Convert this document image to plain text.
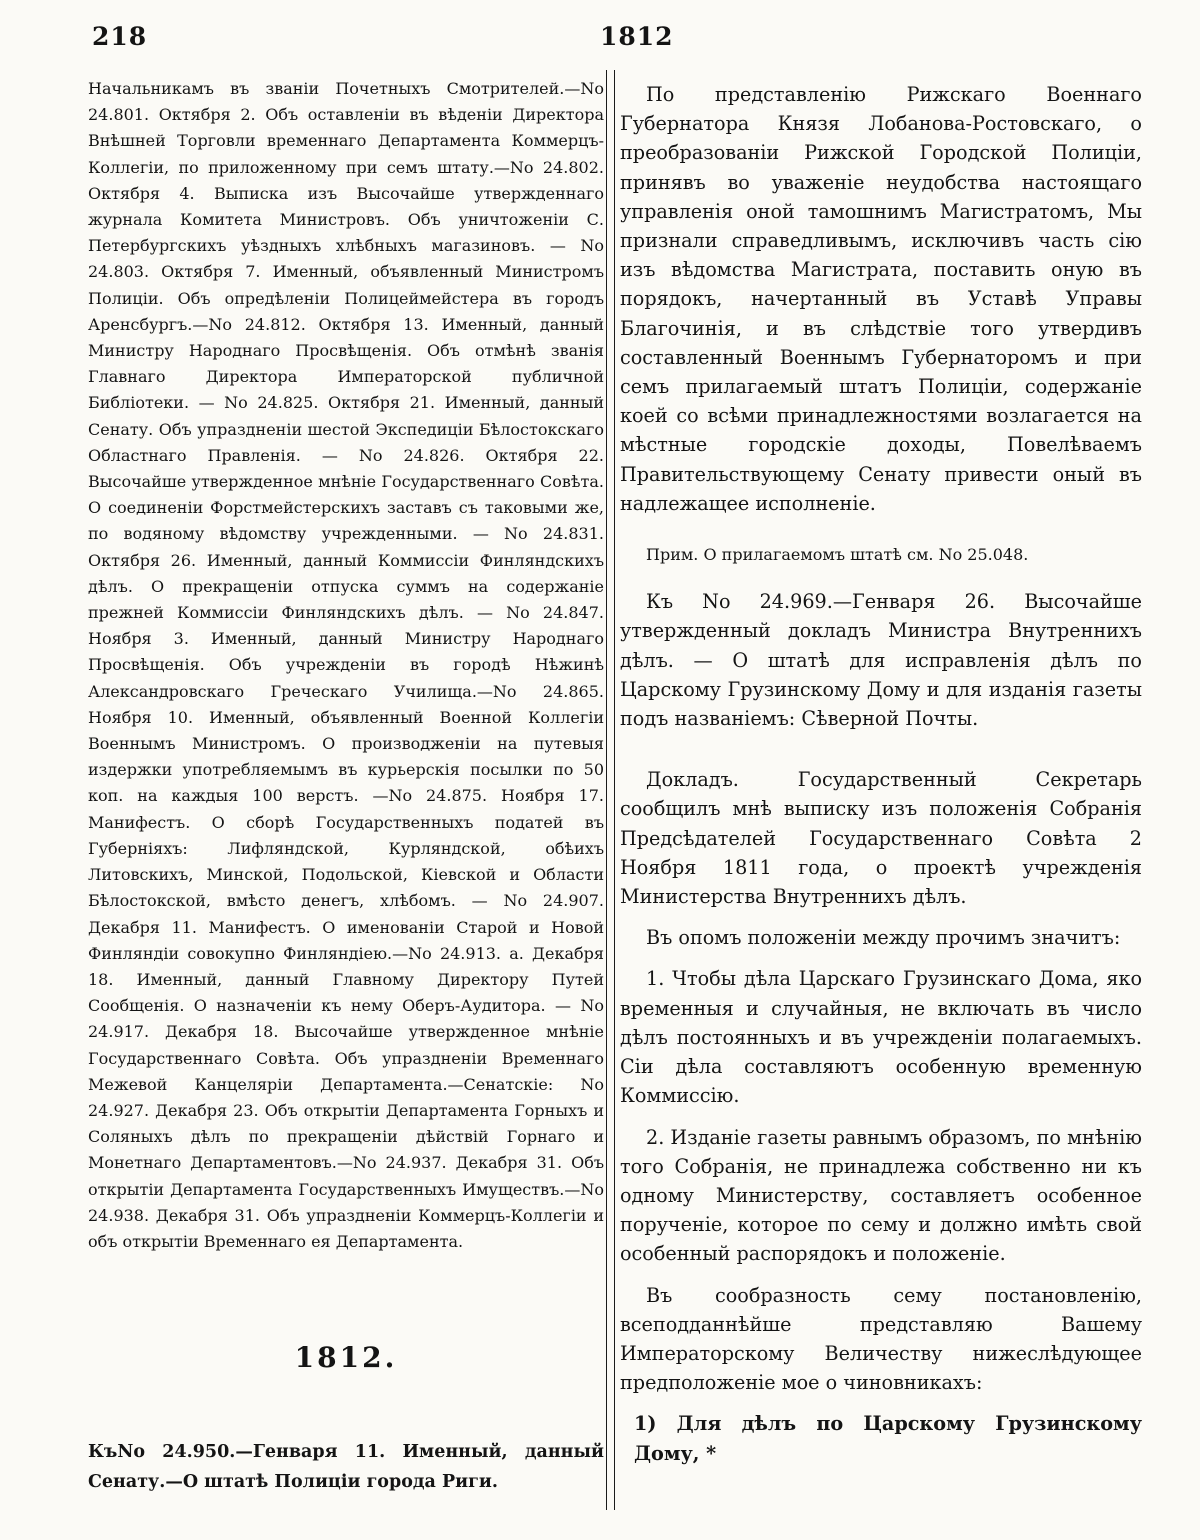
218	1812

Начальникамъ въ званіи Почетныхъ Смотрителей.—No 24.801. Октября 2. Объ оставленіи въ вѣденіи Директора Внѣшней Торговли временнаго Департамента Коммерцъ-Коллегіи, по приложенному при семъ штату.—No 24.802. Октября 4. Выписка изъ Высочайше утвержденнаго журнала Комитета Министровъ. Объ уничтоженіи С. Петербургскихъ уѣздныхъ хлѣбныхъ магазиновъ. — No 24.803. Октября 7. Именный, объявленный Министромъ Полиціи. Объ опредѣленіи Полицеймейстера въ городъ Аренсбургъ.—No 24.812. Октября 13. Именный, данный Министру Народнаго Просвѣщенія. Объ отмѣнѣ званія Главнаго Директора Императорской публичной Библіотеки. — No 24.825. Октября 21. Именный, данный Сенату. Объ упраздненіи шестой Экспедиціи Бѣлостокскаго Областнаго Правленія. — No 24.826. Октября 22. Высочайше утвержденное мнѣніе Государственнаго Совѣта. О соединеніи Форстмейстерскихъ заставъ съ таковыми же, по водяному вѣдомству учрежденными. — No 24.831. Октября 26. Именный, данный Коммиссіи Финляндскихъ дѣлъ. О прекращеніи отпуска суммъ на содержаніе прежней Коммиссіи Финляндскихъ дѣлъ. — No 24.847. Ноября 3. Именный, данный Министру Народнаго Просвѣщенія. Объ учрежденіи въ городѣ Нѣжинѣ Александровскаго Греческаго Училища.—No 24.865. Ноября 10. Именный, объявленный Военной Коллегіи Военнымъ Министромъ. О производженіи на путевыя издержки употребляемымъ въ курьерскія посылки по 50 коп. на каждыя 100 верстъ. —No 24.875. Ноября 17. Манифестъ. О сборѣ Государственныхъ податей въ Губерніяхъ: Лифляндской, Курляндской, обѣихъ Литовскихъ, Минской, Подольской, Кіевской и Области Бѣлостокской, вмѣсто денегъ, хлѣбомъ. — No 24.907. Декабря 11. Манифестъ. О именованіи Старой и Новой Финляндіи совокупно Финляндіею.—No 24.913. а. Декабря 18. Именный, данный Главному Директору Путей Сообщенія. О назначеніи къ нему Оберъ-Аудитора. — No 24.917. Декабря 18. Высочайше утвержденное мнѣніе Государственнаго Совѣта. Объ упраздненіи Временнаго Межевой Канцеляріи Департамента.—Сенатскіе: No 24.927. Декабря 23. Объ открытіи Департамента Горныхъ и Соляныхъ дѣлъ по прекращеніи дѣйствій Горнаго и Монетнаго Департаментовъ.—No 24.937. Декабря 31. Объ открытіи Департамента Государственныхъ Имуществъ.—No 24.938. Декабря 31. Объ упраздненіи Коммерцъ-Коллегіи и объ открытіи Временнаго ея Департамента.

1812.

КъNo 24.950.—Генваря 11. Именный, данный Сенату.—О штатѣ Полиціи города Риги.

По представленію Рижскаго Военнаго Губернатора Князя Лобанова-Ростовскаго, о преобразованіи Рижской Городской Полиціи, принявъ во уваженіе неудобства настоящаго управленія оной тамошнимъ Магистратомъ, Мы признали справедливымъ, исключивъ часть сію изъ вѣдомства Магистрата, поставить оную въ порядокъ, начертанный въ Уставѣ Управы Благочинія, и въ слѣдствіе того утвердивъ составленный Военнымъ Губернаторомъ и при семъ прилагаемый штатъ Полиціи, содержаніе коей со всѣми принадлежностями возлагается на мѣстные городскіе доходы, Повелѣваемъ Правительствующему Сенату привести оный въ надлежащее исполненіе.

Прим. О прилагаемомъ штатѣ см. No 25.048.

Къ No 24.969.—Генваря 26. Высочайше утвержденный докладъ Министра Внутреннихъ дѣлъ. — О штатѣ для исправленія дѣлъ по Царскому Грузинскому Дому и для изданія газеты подъ названіемъ: Сѣверной Почты.

Докладъ. Государственный Секретарь сообщилъ мнѣ выписку изъ положенія Собранія Предсѣдателей Государственнаго Совѣта 2 Ноября 1811 года, о проектѣ учрежденія Министерства Внутреннихъ дѣлъ.

Въ опомъ положеніи между прочимъ значитъ:

1. Чтобы дѣла Царскаго Грузинскаго Дома, яко временныя и случайныя, не включать въ число дѣлъ постоянныхъ и въ учрежденіи полагаемыхъ. Сіи дѣла составляютъ особенную временную Коммиссію.

2. Изданіе газеты равнымъ образомъ, по мнѣнію того Собранія, не принадлежа собственно ни къ одному Министерству, составляетъ особенное порученіе, которое по сему и должно имѣть свой особенный распорядокъ и положеніе.

Въ сообразность сему постановленію, всеподданнѣйше представляю Вашему Императорскому Величеству нижеслѣдующее предположеніе мое о чиновникахъ:

1) Для дѣлъ по Царскому Грузинскому Дому, *
